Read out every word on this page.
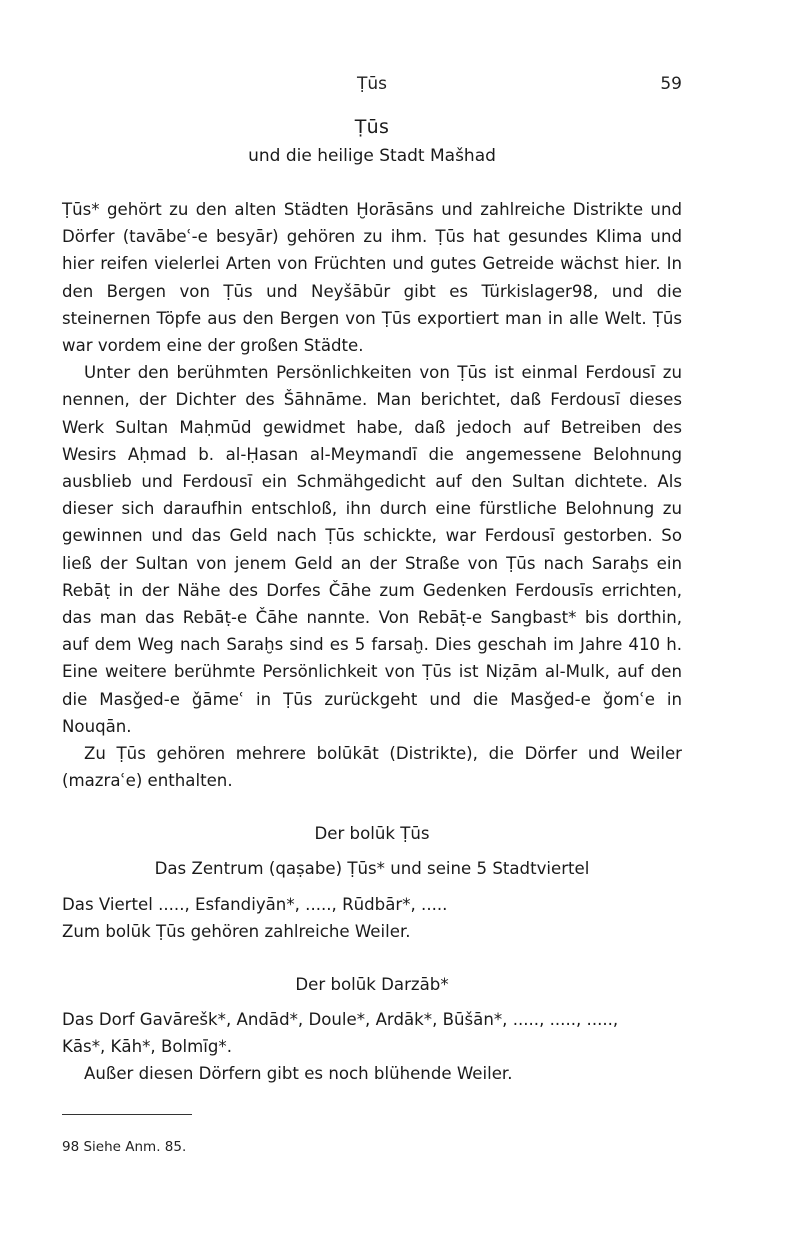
Ṭūs	59
Ṭūs
und die heilige Stadt Mašhad

Ṭūs* gehört zu den alten Städten Ḫorāsāns und zahlreiche Distrikte und Dörfer (tavābeʿ-e besyār) gehören zu ihm. Ṭūs hat gesundes Klima und hier reifen vielerlei Arten von Früchten und gutes Getreide wächst hier. In den Bergen von Ṭūs und Neyšābūr gibt es Türkislager98, und die steinernen Töpfe aus den Bergen von Ṭūs exportiert man in alle Welt. Ṭūs war vordem eine der großen Städte.

Unter den berühmten Persönlichkeiten von Ṭūs ist einmal Ferdousī zu nennen, der Dichter des Šāhnāme. Man berichtet, daß Ferdousī dieses Werk Sultan Maḥmūd gewidmet habe, daß jedoch auf Betreiben des Wesirs Aḥmad b. al-Ḥasan al-Meymandī die angemessene Belohnung ausblieb und Ferdousī ein Schmähgedicht auf den Sultan dichtete. Als dieser sich daraufhin entschloß, ihn durch eine fürstliche Belohnung zu gewinnen und das Geld nach Ṭūs schickte, war Ferdousī gestorben. So ließ der Sultan von jenem Geld an der Straße von Ṭūs nach Saraḫs ein Rebāṭ in der Nähe des Dorfes Čāhe zum Gedenken Ferdousīs errichten, das man das Rebāṭ-e Čāhe nannte. Von Rebāṭ-e Sangbast* bis dorthin, auf dem Weg nach Saraḫs sind es 5 farsaḫ. Dies geschah im Jahre 410 h. Eine weitere berühmte Persönlichkeit von Ṭūs ist Niẓām al-Mulk, auf den die Masǧed-e ǧāmeʿ in Ṭūs zurückgeht und die Masǧed-e ǧomʿe in Nouqān.

Zu Ṭūs gehören mehrere bolūkāt (Distrikte), die Dörfer und Weiler (mazraʿe) enthalten.

Der bolūk Ṭūs
Das Zentrum (qaṣabe) Ṭūs* und seine 5 Stadtviertel
Das Viertel ....., Esfandiyān*, ....., Rūdbār*, .....
Zum bolūk Ṭūs gehören zahlreiche Weiler.
Der bolūk Darzāb*
Das Dorf Gavārešk*, Andād*, Doule*, Ardāk*, Būšān*, ....., ....., .....,
Kās*, Kāh*, Bolmīg*.
Außer diesen Dörfern gibt es noch blühende Weiler.
98 Siehe Anm. 85.
